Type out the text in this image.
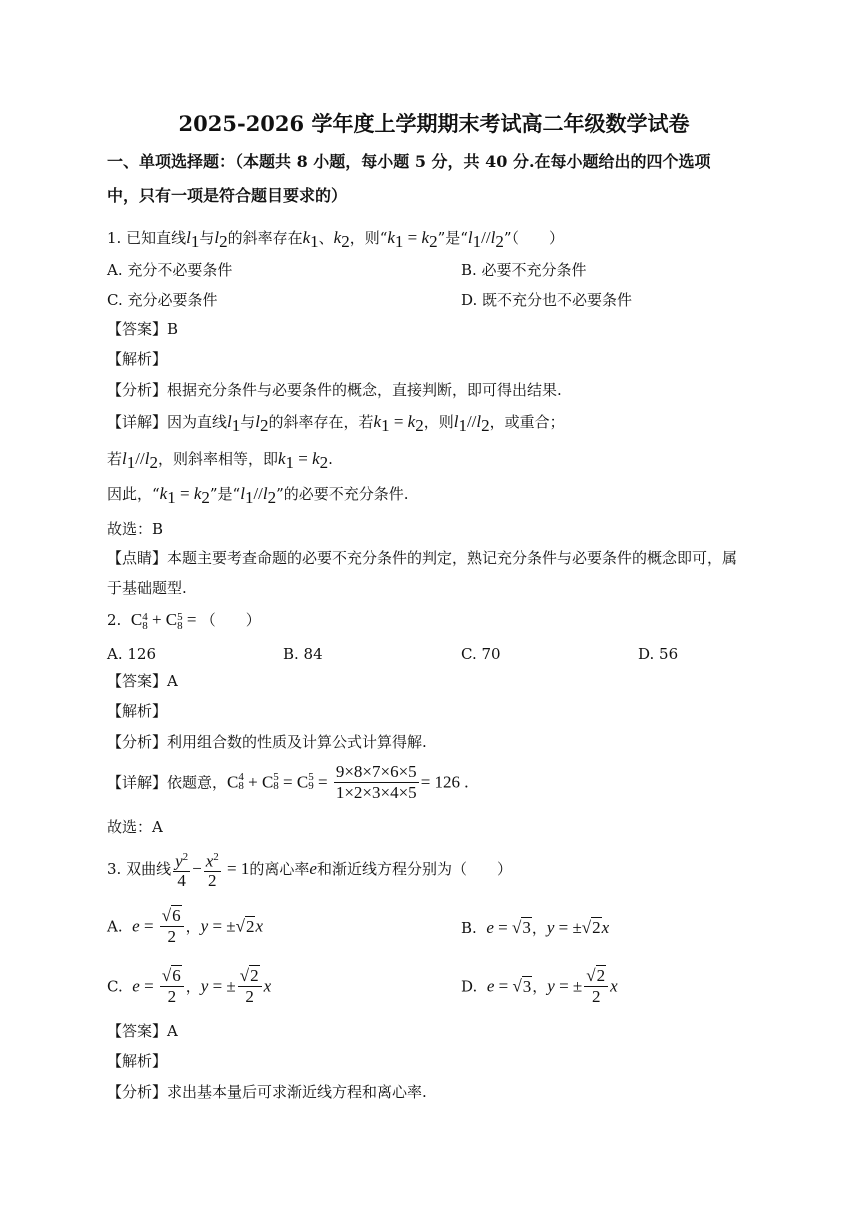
2025-2026 学年度上学期期末考试高二年级数学试卷
一、单项选择题：（本题共 8 小题，每小题 5 分，共 40 分.在每小题给出的四个选项
中，只有一项是符合题目要求的）
1. 已知直线$l_1$与$l_2$的斜率存在$k_1$、$k_2$，则“$k_1 = k_2$”是“$l_1//l_2$”（　　）
A. 充分不必要条件	B. 必要不充分条件
C. 充分必要条件	D. 既不充分也不必要条件
【答案】B
【解析】
【分析】根据充分条件与必要条件的概念，直接判断，即可得出结果.
【详解】因为直线$l_1$与$l_2$的斜率存在，若$k_1 = k_2$，则$l_1//l_2$，或重合；
若$l_1//l_2$，则斜率相等，即$k_1 = k_2$.
因此，“$k_1 = k_2$”是“$l_1//l_2$”的必要不充分条件.
故选：B
【点睛】本题主要考查命题的必要不充分条件的判定，熟记充分条件与必要条件的概念即可，属
于基础题型.
2. C 4
8 + C 5
8 = （　　）
A. 126	B. 84	C. 70	D. 56
【答案】A
【解析】
【分析】利用组合数的性质及计算公式计算得解.
【详解】依题意，C 4
8 + C 5
8 = C 5
$9 = \frac{9\times 8\times 7\times 6\times 5}{1\times 2\times 3\times 4\times 5} = 126$ .
故选：A
3. 双曲线 $\frac{y^2}{4} - \frac{x^2}{2} = 1$的离心率e和渐近线方程分别为（　　）
A. $e = \frac{√6}{2}$ ，y = ±√2x	B. e = √3，y = ±√2x
C. $e = \frac{√6}{2}$ ，y = ± $\frac{√2}{2}$ x	D. e = √3，y = ± $\frac{√2}{2}$ x
【答案】A
【解析】
【分析】求出基本量后可求渐近线方程和离心率.
